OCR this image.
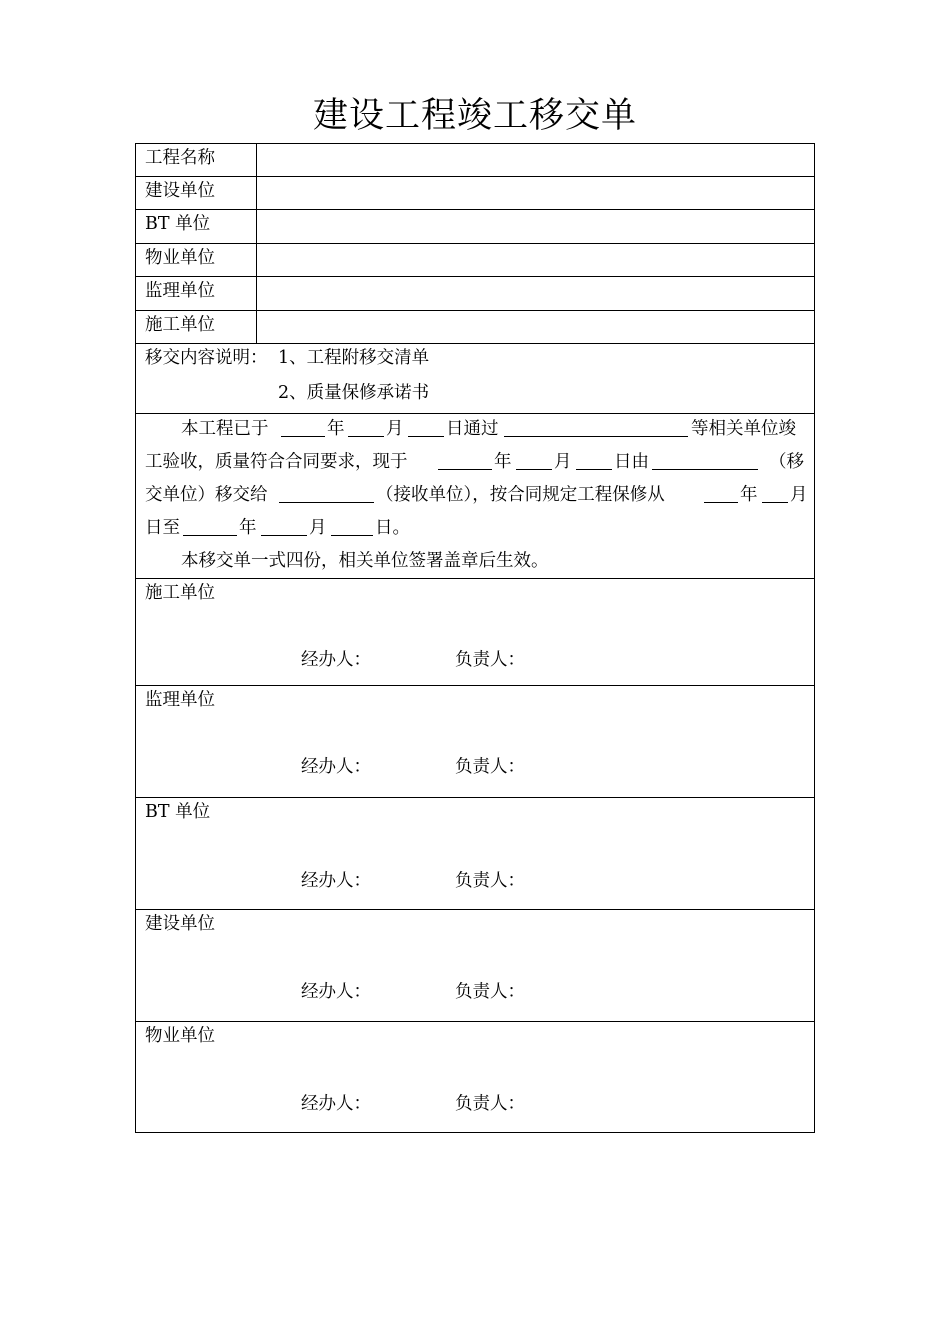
建设工程竣工移交单
工程名称
建设单位
BT 单位
物业单位
监理单位
施工单位
移交内容说明： 1、工程附移交清单
2、质量保修承诺书
本工程已于	年 月 日通过	等相关单位竣
工验收，质量符合合同要求，现于	年 月 日由	（移
交单位）移交给	（接收单位），按合同规定工程保修从	年 月
日至	年	月	日。
本移交单一式四份，相关单位签署盖章后生效。
施工单位
经办人：	负责人：
监理单位
经办人：	负责人：
BT 单位
经办人：	负责人：
建设单位
经办人：	负责人：
物业单位
经办人：	负责人：
